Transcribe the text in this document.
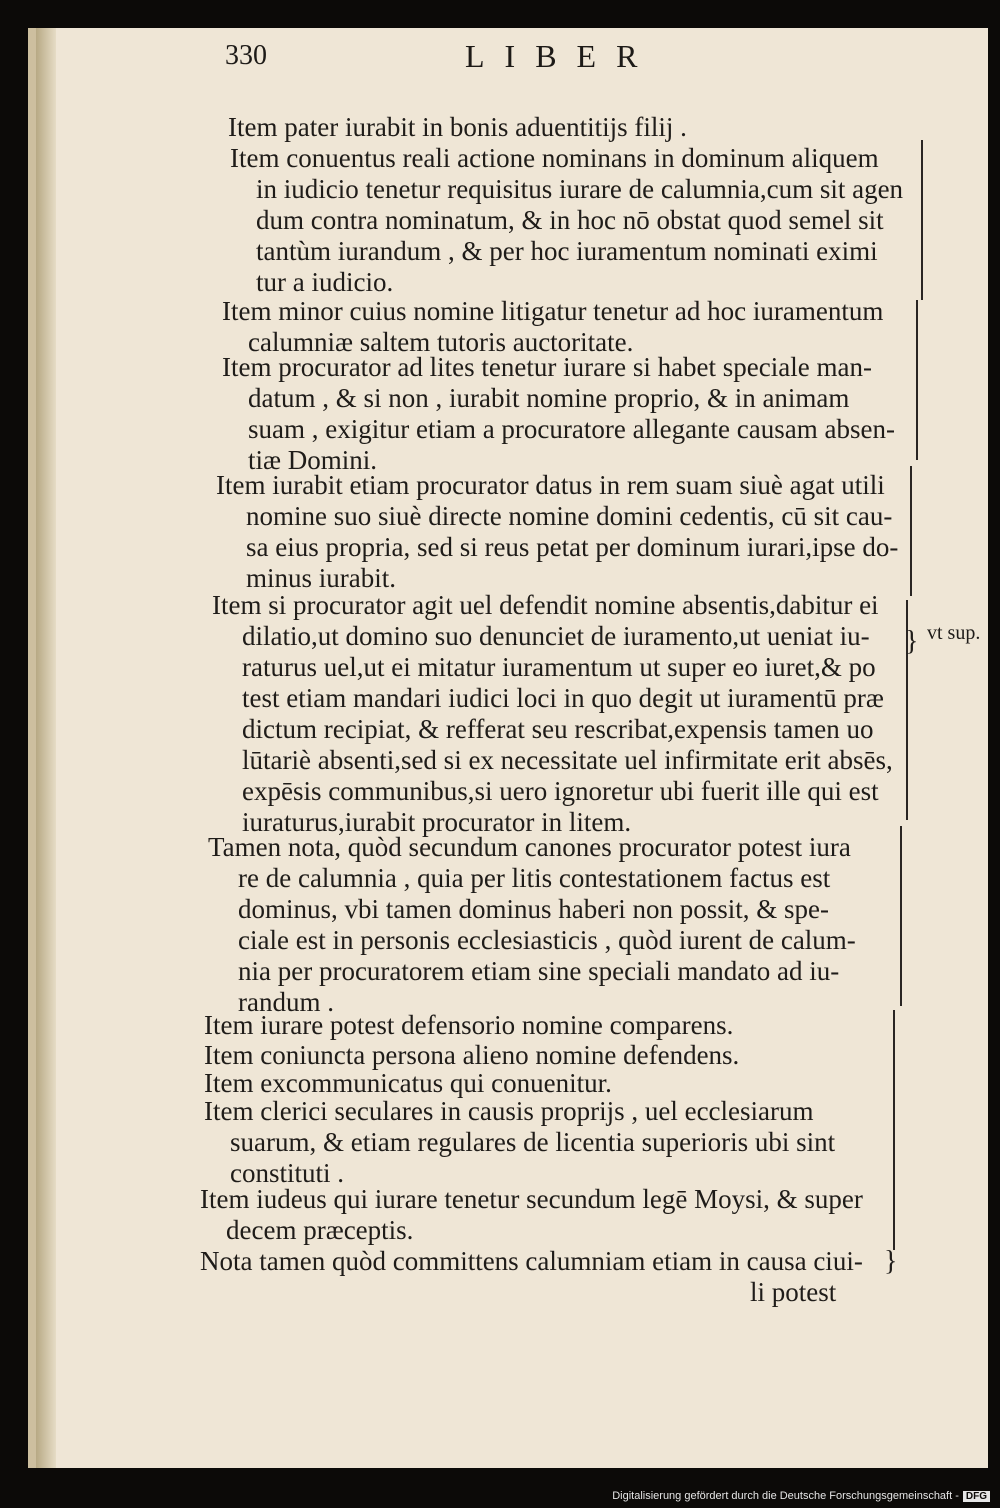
330	LIBER
Item pater iurabit in bonis aduentitijs filij .
Item conuentus reali actione nominans in dominum aliquem
in iudicio tenetur requisitus iurare de calumnia,cum sit agen
dum contra nominatum, & in hoc nō obstat quod semel sit
tantùm iurandum , & per hoc iuramentum nominati eximi
tur a iudicio.
Item minor cuius nomine litigatur tenetur ad hoc iuramentum
calumniæ saltem tutoris auctoritate.
Item procurator ad lites tenetur iurare si habet speciale man-
datum , & si non , iurabit nomine proprio, & in animam
suam , exigitur etiam a procuratore allegante causam absen-
tiæ Domini.
Item iurabit etiam procurator datus in rem suam siuè agat utili
nomine suo siuè directe nomine domini cedentis, cū sit cau-
sa eius propria, sed si reus petat per dominum iurari,ipse do-
minus iurabit.
Item si procurator agit uel defendit nomine absentis,dabitur ei
dilatio,ut domino suo denunciet de iuramento,ut ueniat iu-
raturus uel,ut ei mitatur iuramentum ut super eo iuret,& po
test etiam mandari iudici loci in quo degit ut iuramentū præ
dictum recipiat, & refferat seu rescribat,expensis tamen uo
lūtariè absenti,sed si ex necessitate uel infirmitate erit absēs,
expēsis communibus,si uero ignoretur ubi fuerit ille qui est
iuraturus,iurabit procurator in litem.
Tamen nota, quòd secundum canones procurator potest iura
re de calumnia , quia per litis contestationem factus est
dominus, vbi tamen dominus haberi non possit, & spe-
ciale est in personis ecclesiasticis , quòd iurent de calum-
nia per procuratorem etiam sine speciali mandato ad iu-
randum .
Item iurare potest defensorio nomine comparens.
Item coniuncta persona alieno nomine defendens.
Item excommunicatus qui conuenitur.
Item clerici seculares in causis proprijs , uel ecclesiarum
suarum, & etiam regulares de licentia superioris ubi sint
constituti .
Item iudeus qui iurare tenetur secundum legē Moysi, & super
decem præceptis.
Nota tamen quòd committens calumniam etiam in causa ciui-
li potest
}
}
vt sup.
Digitalisierung gefördert durch die Deutsche Forschungsgemeinschaft - DFG
